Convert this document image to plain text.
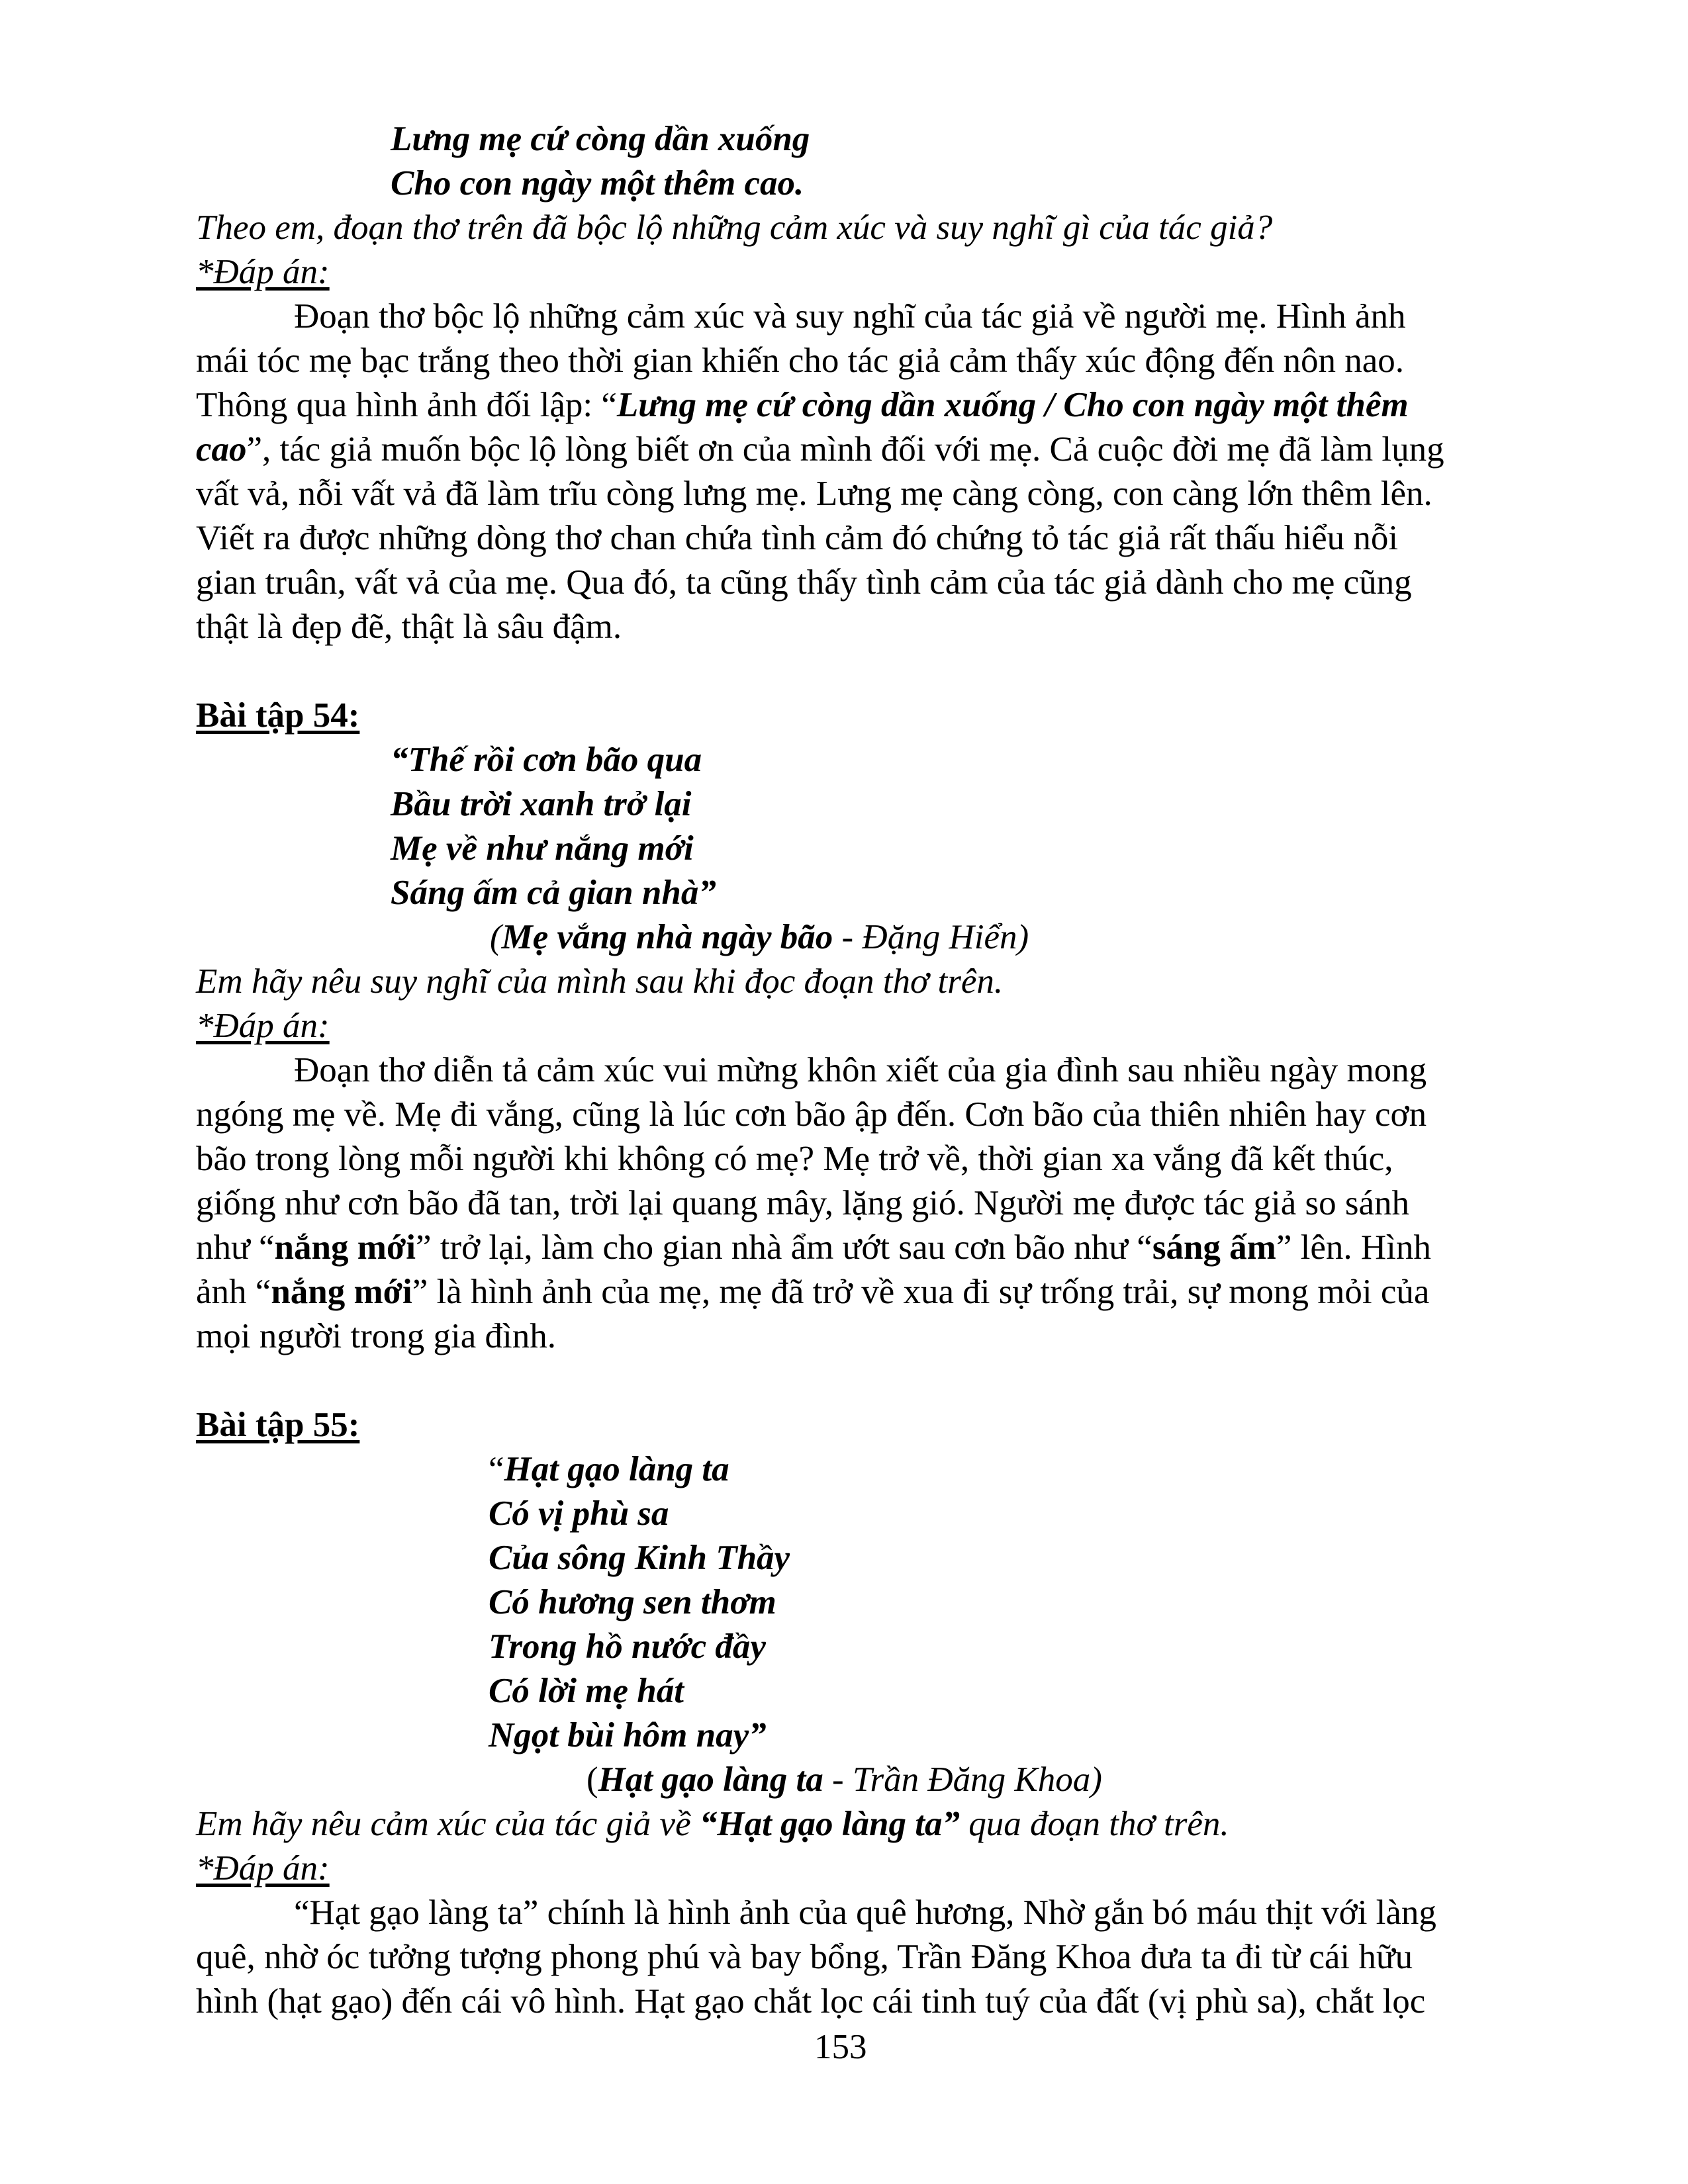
Lưng mẹ cứ còng dần xuống
Cho con ngày một thêm cao.
Theo em, đoạn thơ trên đã bộc lộ những cảm xúc và suy nghĩ gì của tác giả?
*Đáp án:
Đoạn thơ bộc lộ những cảm xúc và suy nghĩ của tác giả về người mẹ. Hình ảnh
mái tóc mẹ bạc trắng theo thời gian khiến cho tác giả cảm thấy xúc động đến nôn nao.
Thông qua hình ảnh đối lập: “Lưng mẹ cứ còng dần xuống / Cho con ngày một thêm
cao”, tác giả muốn bộc lộ lòng biết ơn của mình đối với mẹ. Cả cuộc đời mẹ đã làm lụng
vất vả, nỗi vất vả đã làm trĩu còng lưng mẹ. Lưng mẹ càng còng, con càng lớn thêm lên.
Viết ra được những dòng thơ chan chứa tình cảm đó chứng tỏ tác giả rất thấu hiểu nỗi
gian truân, vất vả của mẹ. Qua đó, ta cũng thấy tình cảm của tác giả dành cho mẹ cũng
thật là đẹp đẽ, thật là sâu đậm.
Bài tập 54:
“Thế rồi cơn bão qua
Bầu trời xanh trở lại
Mẹ về như nắng mới
Sáng ấm cả gian nhà”
(Mẹ vắng nhà ngày bão - Đặng Hiển)
Em hãy nêu suy nghĩ của mình sau khi đọc đoạn thơ trên.
*Đáp án:
Đoạn thơ diễn tả cảm xúc vui mừng khôn xiết của gia đình sau nhiều ngày mong
ngóng mẹ về. Mẹ đi vắng, cũng là lúc cơn bão ập đến. Cơn bão của thiên nhiên hay cơn
bão trong lòng mỗi người khi không có mẹ? Mẹ trở về, thời gian xa vắng đã kết thúc,
giống như cơn bão đã tan, trời lại quang mây, lặng gió. Người mẹ được tác giả so sánh
như “nắng mới” trở lại, làm cho gian nhà ẩm ướt sau cơn bão như “sáng ấm” lên. Hình
ảnh “nắng mới” là hình ảnh của mẹ, mẹ đã trở về xua đi sự trống trải, sự mong mỏi của
mọi người trong gia đình.
Bài tập 55:
“Hạt gạo làng ta
Có vị phù sa
Của sông Kinh Thầy
Có hương sen thơm
Trong hồ nước đầy
Có lời mẹ hát
Ngọt bùi hôm nay”
(Hạt gạo làng ta - Trần Đăng Khoa)
Em hãy nêu cảm xúc của tác giả về “Hạt gạo làng ta” qua đoạn thơ trên.
*Đáp án:
“Hạt gạo làng ta” chính là hình ảnh của quê hương, Nhờ gắn bó máu thịt với làng
quê, nhờ óc tưởng tượng phong phú và bay bổng, Trần Đăng Khoa đưa ta đi từ cái hữu
hình (hạt gạo) đến cái vô hình. Hạt gạo chắt lọc cái tinh tuý của đất (vị phù sa), chắt lọc
153
